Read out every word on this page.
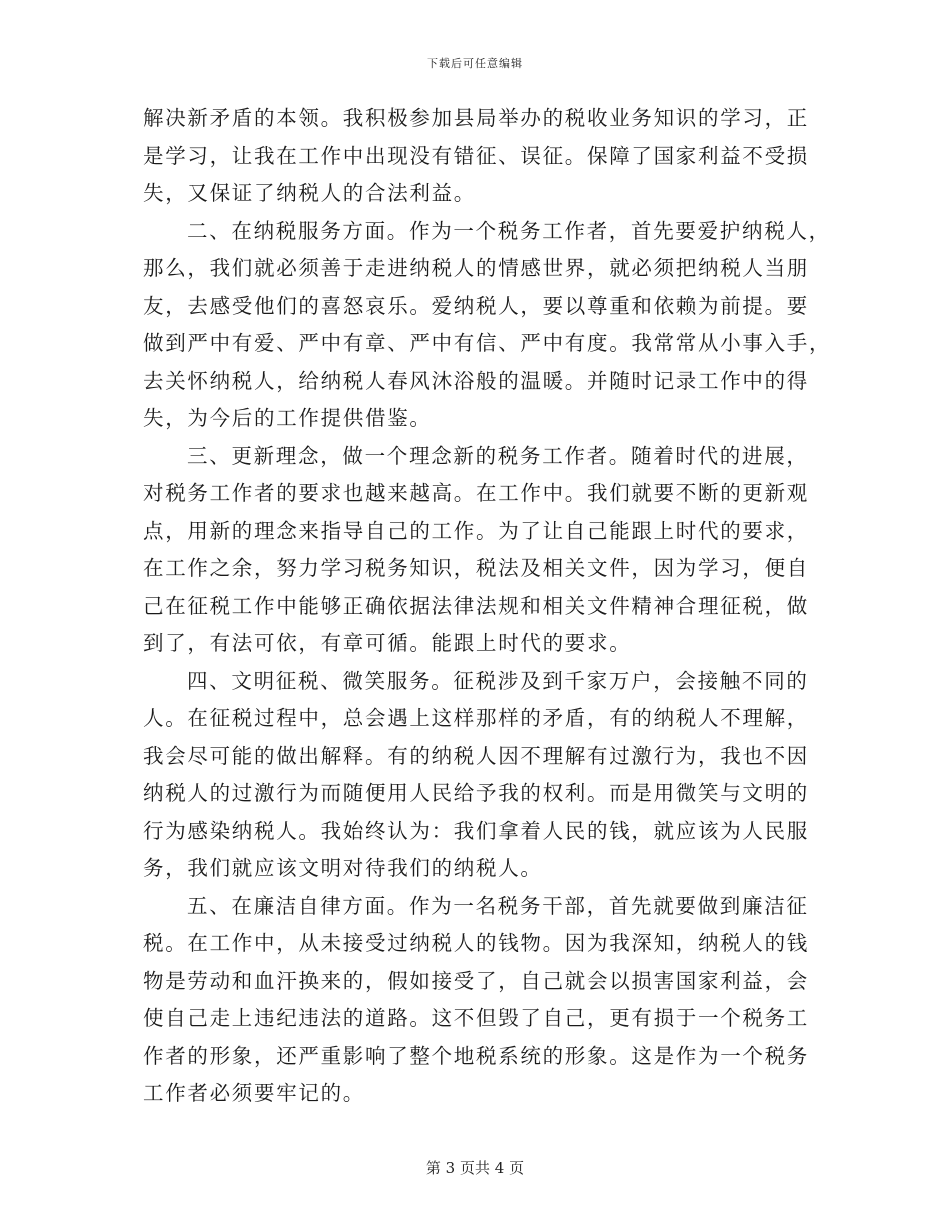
下载后可任意编辑
解决新矛盾的本领。我积极参加县局举办的税收业务知识的学习，正
是学习，让我在工作中出现没有错征、误征。保障了国家利益不受损
失，又保证了纳税人的合法利益。
二、在纳税服务方面。作为一个税务工作者，首先要爱护纳税人，
那么，我们就必须善于走进纳税人的情感世界，就必须把纳税人当朋
友，去感受他们的喜怒哀乐。爱纳税人，要以尊重和依赖为前提。要
做到严中有爱、严中有章、严中有信、严中有度。我常常从小事入手，
去关怀纳税人，给纳税人春风沐浴般的温暖。并随时记录工作中的得
失，为今后的工作提供借鉴。
三、更新理念，做一个理念新的税务工作者。随着时代的进展，
对税务工作者的要求也越来越高。在工作中。我们就要不断的更新观
点，用新的理念来指导自己的工作。为了让自己能跟上时代的要求，
在工作之余，努力学习税务知识，税法及相关文件，因为学习，便自
己在征税工作中能够正确依据法律法规和相关文件精神合理征税，做
到了，有法可依，有章可循。能跟上时代的要求。
四、文明征税、微笑服务。征税涉及到千家万户，会接触不同的
人。在征税过程中，总会遇上这样那样的矛盾，有的纳税人不理解，
我会尽可能的做出解释。有的纳税人因不理解有过激行为，我也不因
纳税人的过激行为而随便用人民给予我的权利。而是用微笑与文明的
行为感染纳税人。我始终认为：我们拿着人民的钱，就应该为人民服
务，我们就应该文明对待我们的纳税人。
五、在廉洁自律方面。作为一名税务干部，首先就要做到廉洁征
税。在工作中，从未接受过纳税人的钱物。因为我深知，纳税人的钱
物是劳动和血汗换来的，假如接受了，自己就会以损害国家利益，会
使自己走上违纪违法的道路。这不但毁了自己，更有损于一个税务工
作者的形象，还严重影响了整个地税系统的形象。这是作为一个税务
工作者必须要牢记的。
第 3 页共 4 页
